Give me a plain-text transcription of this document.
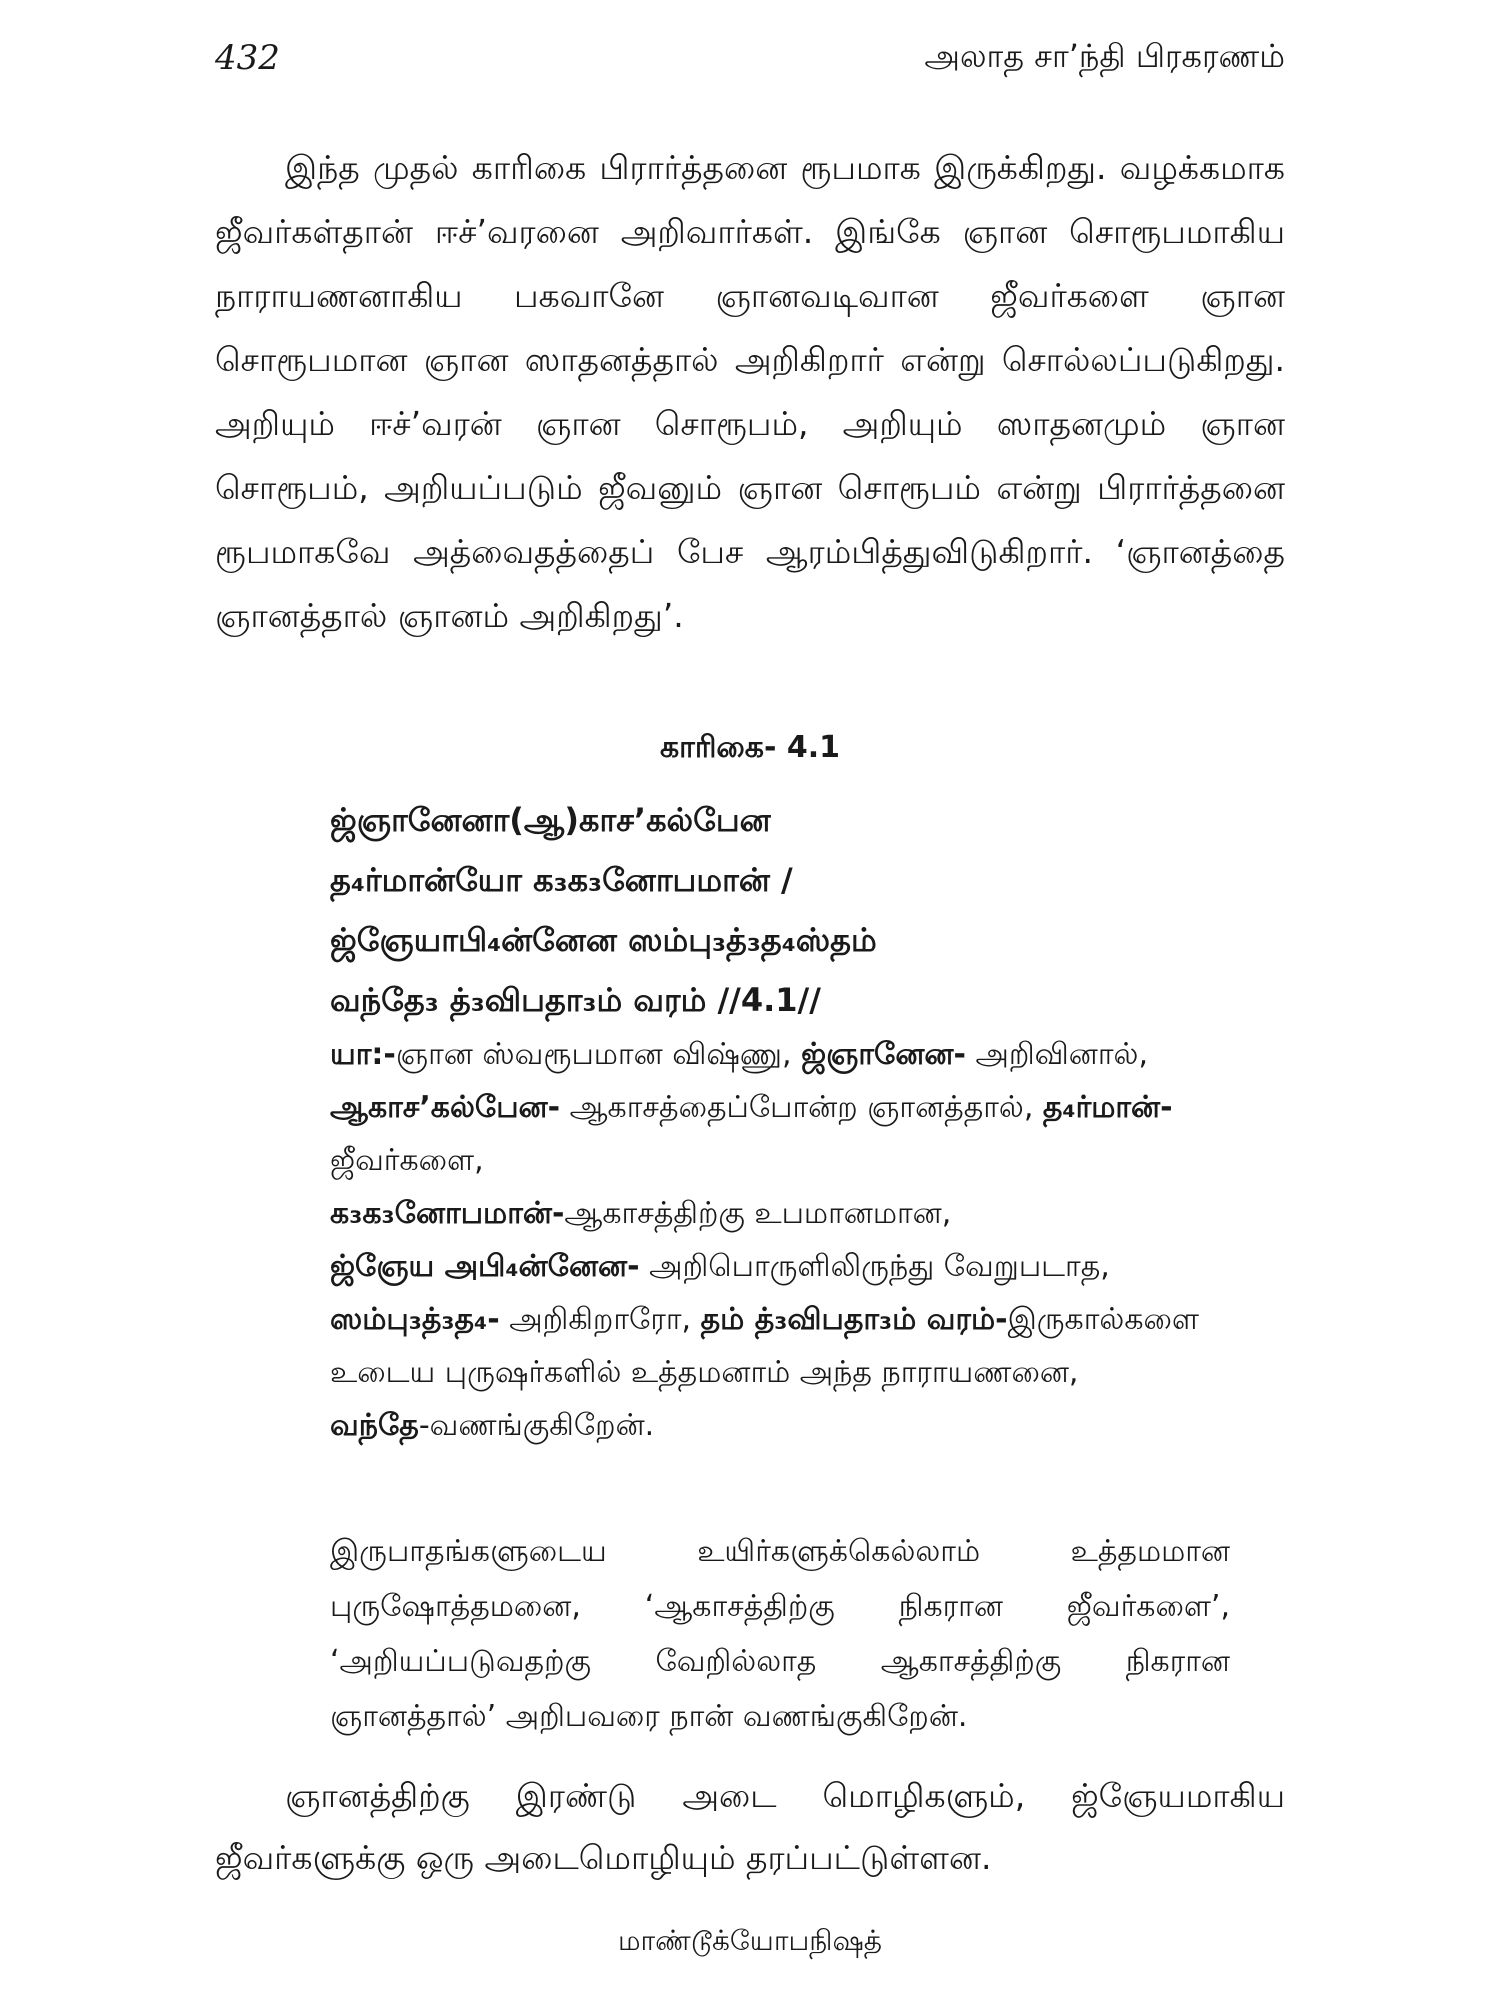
432	அலாத சா’ந்தி பிரகரணம்

இந்த முதல் காரிகை பிரார்த்தனை ரூபமாக இருக்கிறது. வழக்கமாக ஜீவர்கள்தான் ஈச்’வரனை அறிவார்கள். இங்கே ஞான சொரூபமாகிய நாராயணனாகிய பகவானே ஞானவடிவான ஜீவர்களை ஞான சொரூபமான ஞான ஸாதனத்தால் அறிகிறார் என்று சொல்லப்படுகிறது. அறியும் ஈச்’வரன் ஞான சொரூபம், அறியும் ஸாதனமும் ஞான சொரூபம், அறியப்படும் ஜீவனும் ஞான சொரூபம் என்று பிரார்த்தனை ரூபமாகவே அத்வைதத்தைப் பேச ஆரம்பித்துவிடுகிறார். ‘ஞானத்தை ஞானத்தால் ஞானம் அறிகிறது’.

காரிகை- 4.1
ஜ்ஞானேனா(ஆ)காச’கல்பேன
த₄ர்மான்யோ க₃க₃னோபமான் /
ஜ்ஞேயாபி₄ன்னேன ஸம்பு₃த்₃த₄ஸ்தம்
வந்தே₃ த்₃விபதா₃ம் வரம் //4.1//
யா:-ஞான ஸ்வரூபமான விஷ்ணு, ஜ்ஞானேன- அறிவினால், ஆகாச’கல்பேன- ஆகாசத்தைப்போன்ற ஞானத்தால், த₄ர்மான்- ஜீவர்களை,
க₃க₃னோபமான்-ஆகாசத்திற்கு உபமானமான,
ஜ்ஞேய அபி₄ன்னேன- அறிபொருளிலிருந்து வேறுபடாத, ஸம்பு₃த்₃த₄- அறிகிறாரோ, தம் த்₃விபதா₃ம் வரம்-இருகால்களை உடைய புருஷர்களில் உத்தமனாம் அந்த நாராயணனை,
வந்தே-வணங்குகிறேன்.

இருபாதங்களுடைய உயிர்களுக்கெல்லாம் உத்தமமான புருஷோத்தமனை, ‘ஆகாசத்திற்கு நிகரான ஜீவர்களை’, ‘அறியப்படுவதற்கு வேறில்லாத ஆகாசத்திற்கு நிகரான ஞானத்தால்’ அறிபவரை நான் வணங்குகிறேன்.

ஞானத்திற்கு இரண்டு அடை மொழிகளும், ஜ்ஞேயமாகிய ஜீவர்களுக்கு ஒரு அடைமொழியும் தரப்பட்டுள்ளன.

மாண்டூக்யோபநிஷத்
